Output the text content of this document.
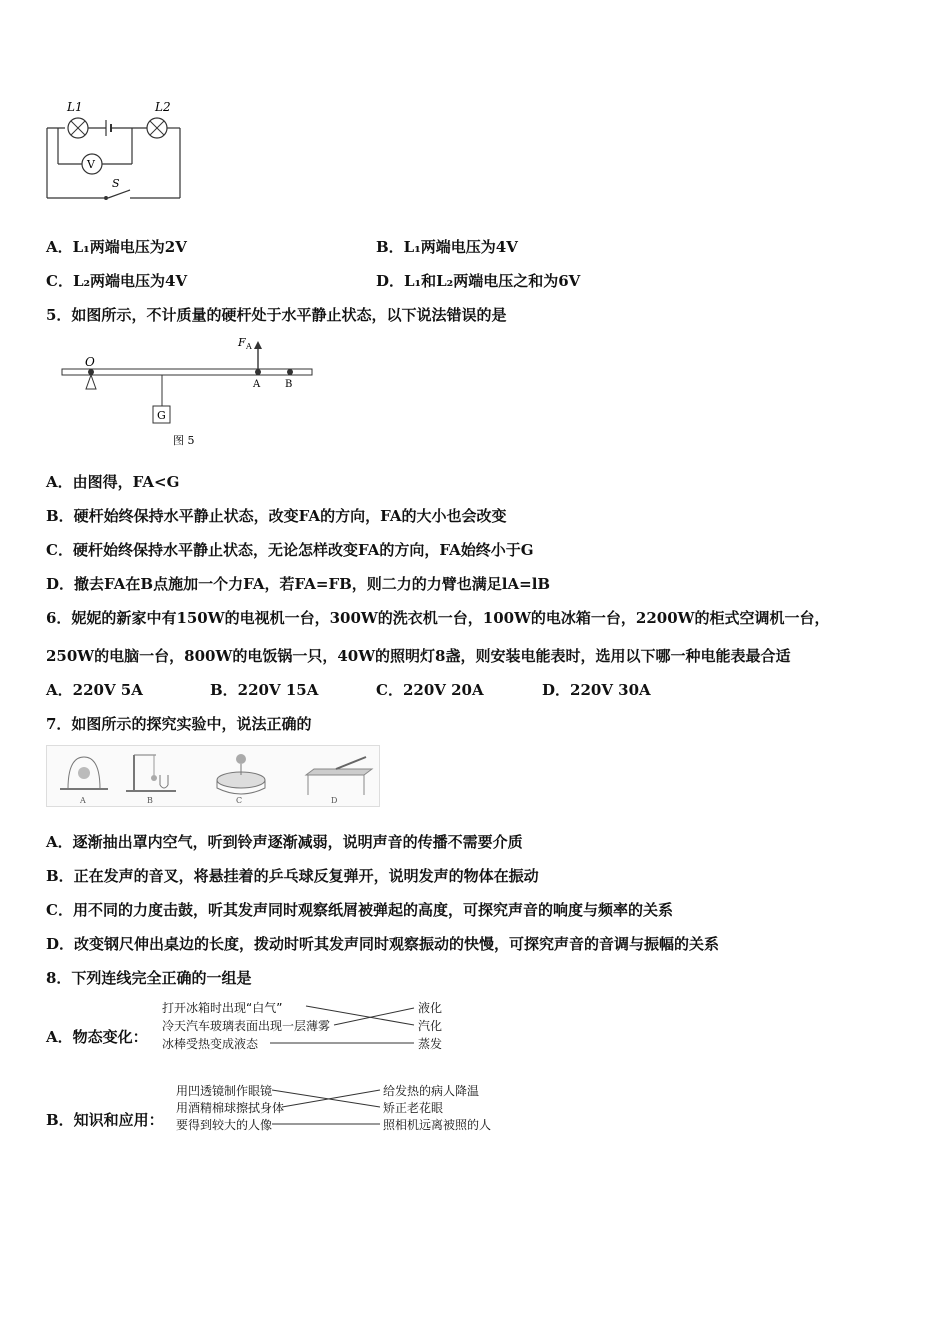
L1	L2
V
S
A．L₁两端电压为2V	B．L₁两端电压为4V
C．L₂两端电压为4V	D．L₁和L₂两端电压之和为6V
5．如图所示，不计质量的硬杆处于水平静止状态，以下说法错误的是
O
F A
A B
G
图 5
A．由图得，FA<G
B．硬杆始终保持水平静止状态，改变FA的方向，FA的大小也会改变
C．硬杆始终保持水平静止状态，无论怎样改变FA的方向，FA始终小于G
D．撤去FA在B点施加一个力FA，若FA=FB，则二力的力臂也满足lA=lB
6．妮妮的新家中有150W的电视机一台，300W的洗衣机一台，100W的电冰箱一台，2200W的柜式空调机一台，
250W的电脑一台，800W的电饭锅一只，40W的照明灯8盏，则安装电能表时，选用以下哪一种电能表最合适
A．220V 5A	B．220V 15A	C．220V 20A	D．220V 30A
7．如图所示的探究实验中，说法正确的
A	B	C	D
A．逐渐抽出罩内空气，听到铃声逐渐减弱，说明声音的传播不需要介质
B．正在发声的音叉，将悬挂着的乒乓球反复弹开，说明发声的物体在振动
C．用不同的力度击鼓，听其发声同时观察纸屑被弹起的高度，可探究声音的响度与频率的关系
D．改变钢尺伸出桌边的长度，拨动时听其发声同时观察振动的快慢，可探究声音的音调与振幅的关系
8．下列连线完全正确的一组是
A．物态变化：
打开冰箱时出现“白气”
冷天汽车玻璃表面出现一层薄雾
冰棒受热变成液态
液化
汽化
蒸发
B．知识和应用：
用凹透镜制作眼镜
用酒精棉球擦拭身体
要得到较大的人像
给发热的病人降温
矫正老花眼
照相机远离被照的人
